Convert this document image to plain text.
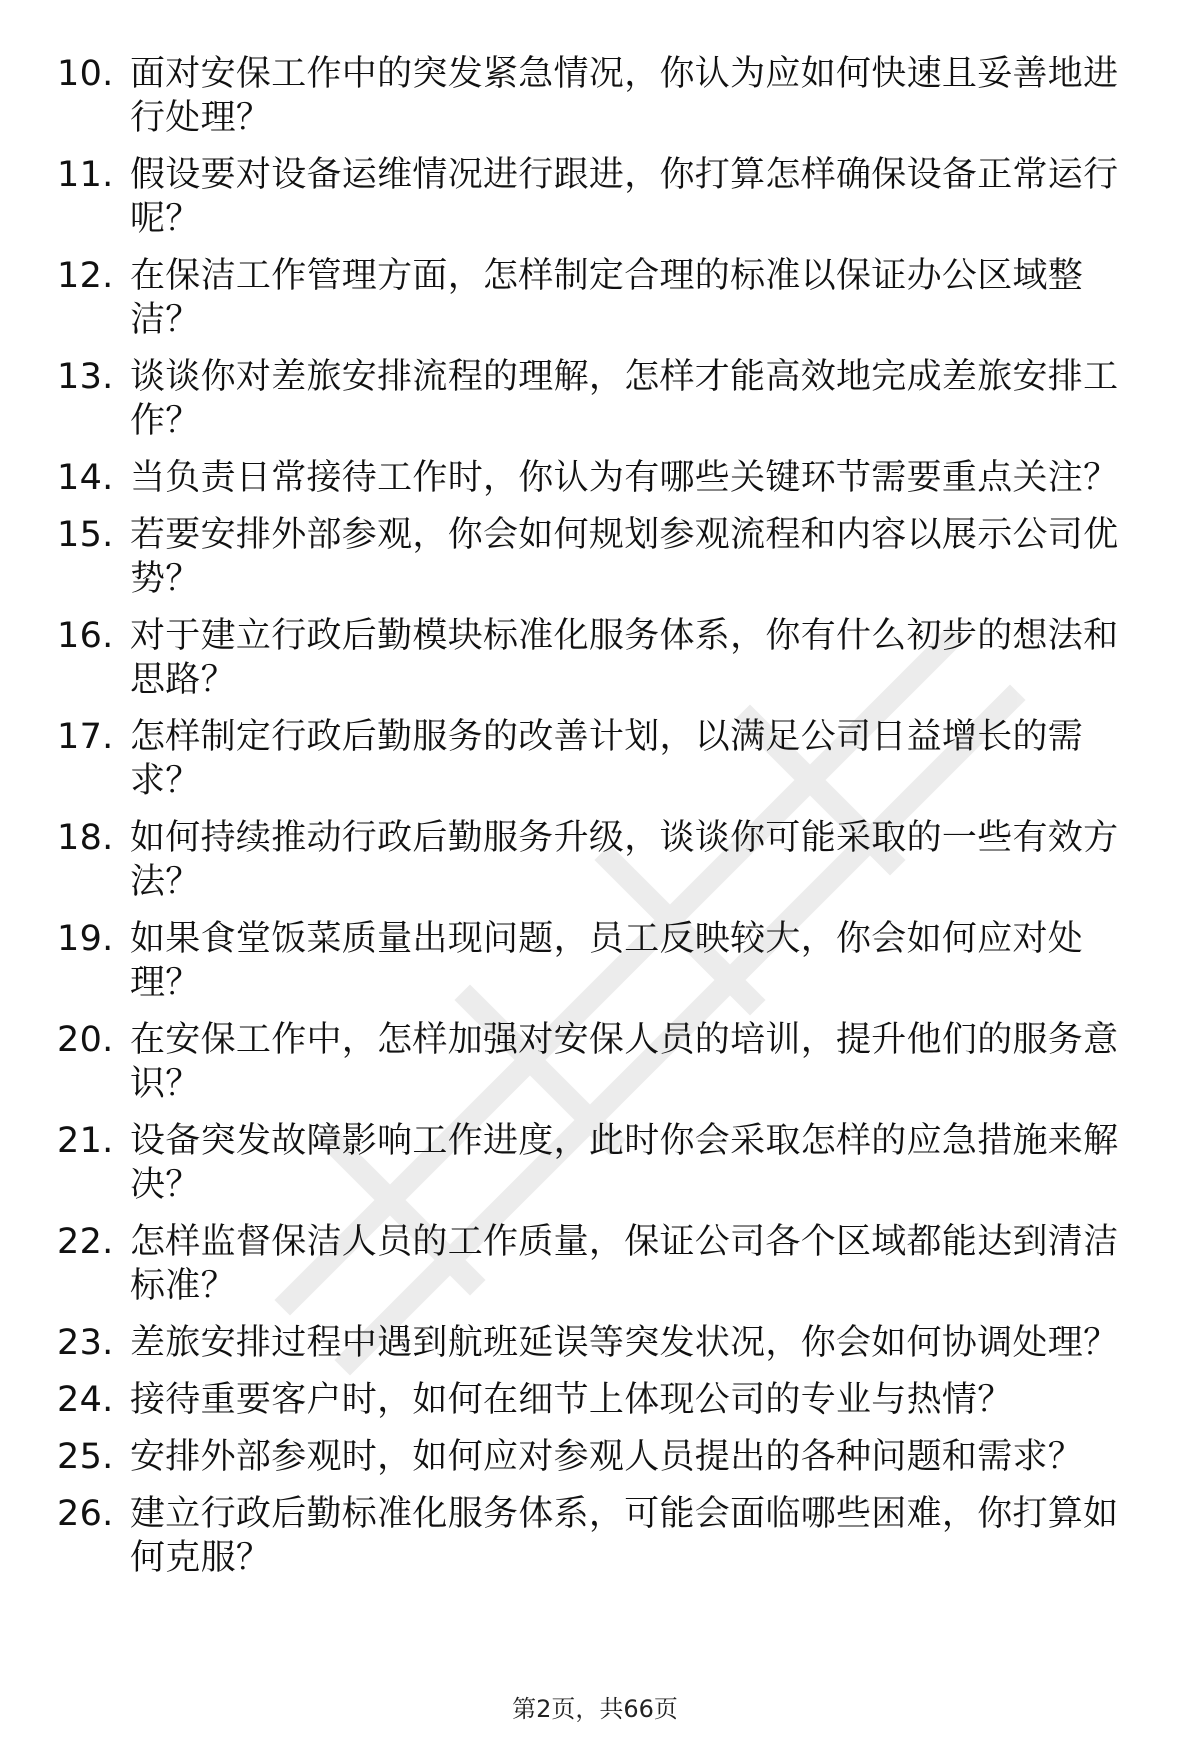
10. 面对安保工作中的突发紧急情况，你认为应如何快速且妥善地进行处理？
11. 假设要对设备运维情况进行跟进，你打算怎样确保设备正常运行呢？
12. 在保洁工作管理方面，怎样制定合理的标准以保证办公区域整洁？
13. 谈谈你对差旅安排流程的理解，怎样才能高效地完成差旅安排工作？
14. 当负责日常接待工作时，你认为有哪些关键环节需要重点关注？
15. 若要安排外部参观，你会如何规划参观流程和内容以展示公司优势？
16. 对于建立行政后勤模块标准化服务体系，你有什么初步的想法和思路？
17. 怎样制定行政后勤服务的改善计划，以满足公司日益增长的需求？
18. 如何持续推动行政后勤服务升级，谈谈你可能采取的一些有效方法？
19. 如果食堂饭菜质量出现问题，员工反映较大，你会如何应对处理？
20. 在安保工作中，怎样加强对安保人员的培训，提升他们的服务意识？
21. 设备突发故障影响工作进度，此时你会采取怎样的应急措施来解决？
22. 怎样监督保洁人员的工作质量，保证公司各个区域都能达到清洁标准？
23. 差旅安排过程中遇到航班延误等突发状况，你会如何协调处理？
24. 接待重要客户时，如何在细节上体现公司的专业与热情？
25. 安排外部参观时，如何应对参观人员提出的各种问题和需求？
26. 建立行政后勤标准化服务体系，可能会面临哪些困难，你打算如何克服？
第2页，共66页
